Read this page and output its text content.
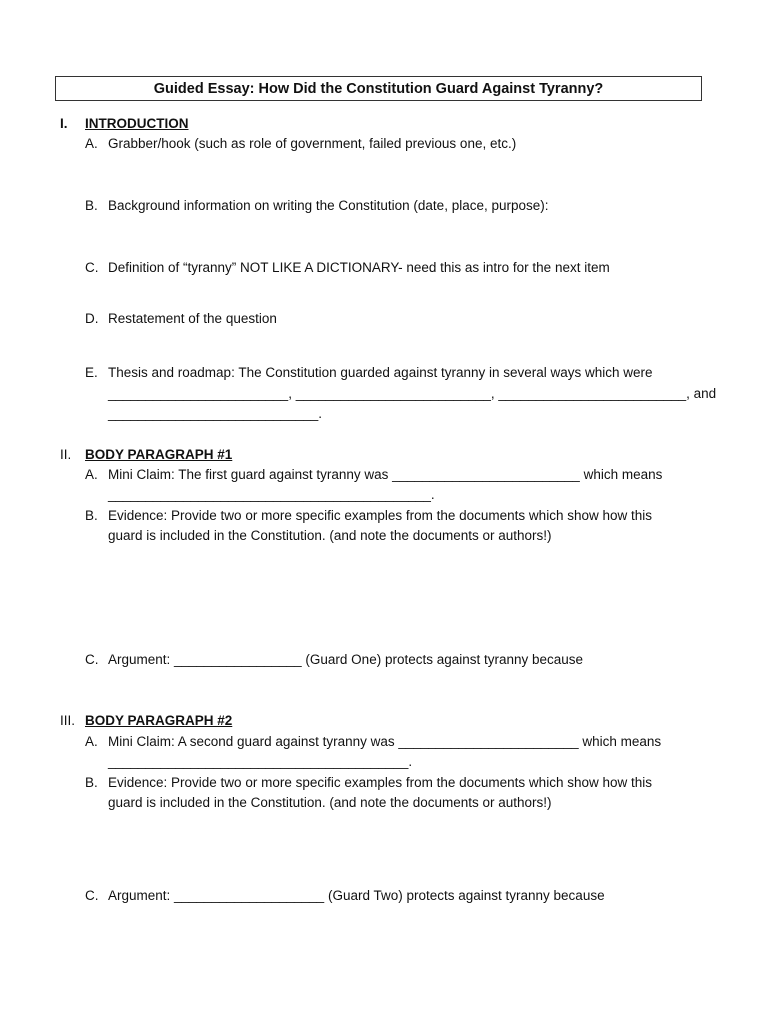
Guided Essay: How Did the Constitution Guard Against Tyranny?
I. INTRODUCTION
A. Grabber/hook (such as role of government, failed previous one, etc.)
B. Background information on writing the Constitution (date, place, purpose):
C. Definition of “tyranny” NOT LIKE A DICTIONARY- need this as intro for the next item
D. Restatement of the question
E. Thesis and roadmap: The Constitution guarded against tyranny in several ways which were
________________________, __________________________, _________________________, and
____________________________.
II. BODY PARAGRAPH #1
A. Mini Claim: The first guard against tyranny was _________________________ which means
___________________________________________.
B. Evidence: Provide two or more specific examples from the documents which show how this
guard is included in the Constitution. (and note the documents or authors!)
C. Argument: _________________ (Guard One) protects against tyranny because
III. BODY PARAGRAPH #2
A. Mini Claim: A second guard against tyranny was ________________________ which means
________________________________________.
B. Evidence: Provide two or more specific examples from the documents which show how this
guard is included in the Constitution. (and note the documents or authors!)
C. Argument: ____________________ (Guard Two) protects against tyranny because
